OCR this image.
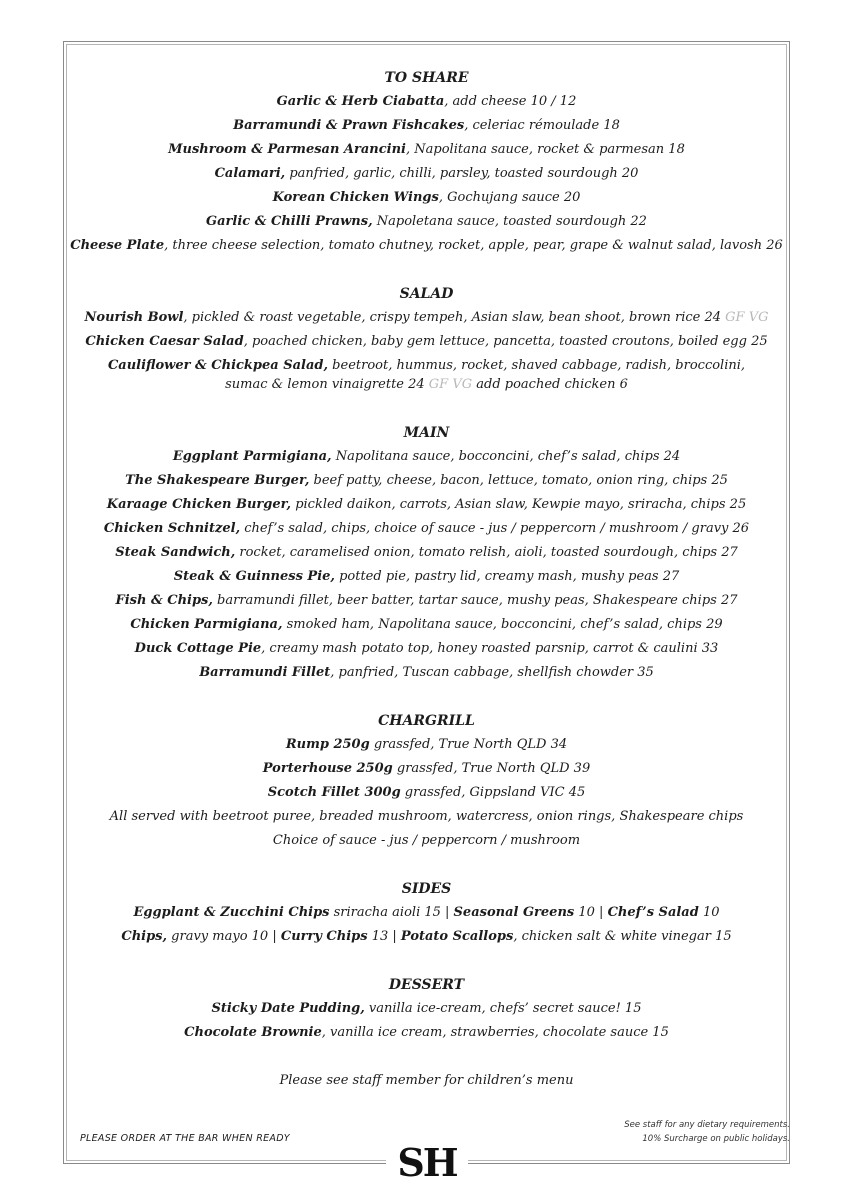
TO SHARE
Garlic & Herb Ciabatta, add cheese 10 / 12
Barramundi & Prawn Fishcakes, celeriac rémoulade 18
Mushroom & Parmesan Arancini, Napolitana sauce, rocket & parmesan 18
Calamari, panfried, garlic, chilli, parsley, toasted sourdough 20
Korean Chicken Wings, Gochujang sauce 20
Garlic & Chilli Prawns, Napoletana sauce, toasted sourdough 22
Cheese Plate, three cheese selection, tomato chutney, rocket, apple, pear, grape & walnut salad, lavosh 26
SALAD
Nourish Bowl, pickled & roast vegetable, crispy tempeh, Asian slaw, bean shoot, brown rice 24 GF VG
Chicken Caesar Salad, poached chicken, baby gem lettuce, pancetta, toasted croutons, boiled egg 25
Cauliflower & Chickpea Salad, beetroot, hummus, rocket, shaved cabbage, radish, broccolini,
sumac & lemon vinaigrette 24 GF VG add poached chicken 6
MAIN
Eggplant Parmigiana, Napolitana sauce, bocconcini, chef’s salad, chips 24
The Shakespeare Burger, beef patty, cheese, bacon, lettuce, tomato, onion ring, chips 25
Karaage Chicken Burger, pickled daikon, carrots, Asian slaw, Kewpie mayo, sriracha, chips 25
Chicken Schnitzel, chef’s salad, chips, choice of sauce - jus / peppercorn / mushroom / gravy 26
Steak Sandwich, rocket, caramelised onion, tomato relish, aioli, toasted sourdough, chips 27
Steak & Guinness Pie, potted pie, pastry lid, creamy mash, mushy peas 27
Fish & Chips, barramundi fillet, beer batter, tartar sauce, mushy peas, Shakespeare chips 27
Chicken Parmigiana, smoked ham, Napolitana sauce, bocconcini, chef’s salad, chips 29
Duck Cottage Pie, creamy mash potato top, honey roasted parsnip, carrot & caulini 33
Barramundi Fillet, panfried, Tuscan cabbage, shellfish chowder 35
CHARGRILL
Rump 250g grassfed, True North QLD 34
Porterhouse 250g grassfed, True North QLD 39
Scotch Fillet 300g grassfed, Gippsland VIC 45
All served with beetroot puree, breaded mushroom, watercress, onion rings, Shakespeare chips
Choice of sauce - jus / peppercorn / mushroom
SIDES
Eggplant & Zucchini Chips sriracha aioli 15 | Seasonal Greens 10 | Chef’s Salad 10
Chips, gravy mayo 10 | Curry Chips 13 | Potato Scallops, chicken salt & white vinegar 15
DESSERT
Sticky Date Pudding, vanilla ice-cream, chefs’ secret sauce! 15
Chocolate Brownie, vanilla ice cream, strawberries, chocolate sauce 15
Please see staff member for children’s menu
PLEASE ORDER AT THE BAR WHEN READY
See staff for any dietary requirements.
10% Surcharge on public holidays.
SH
